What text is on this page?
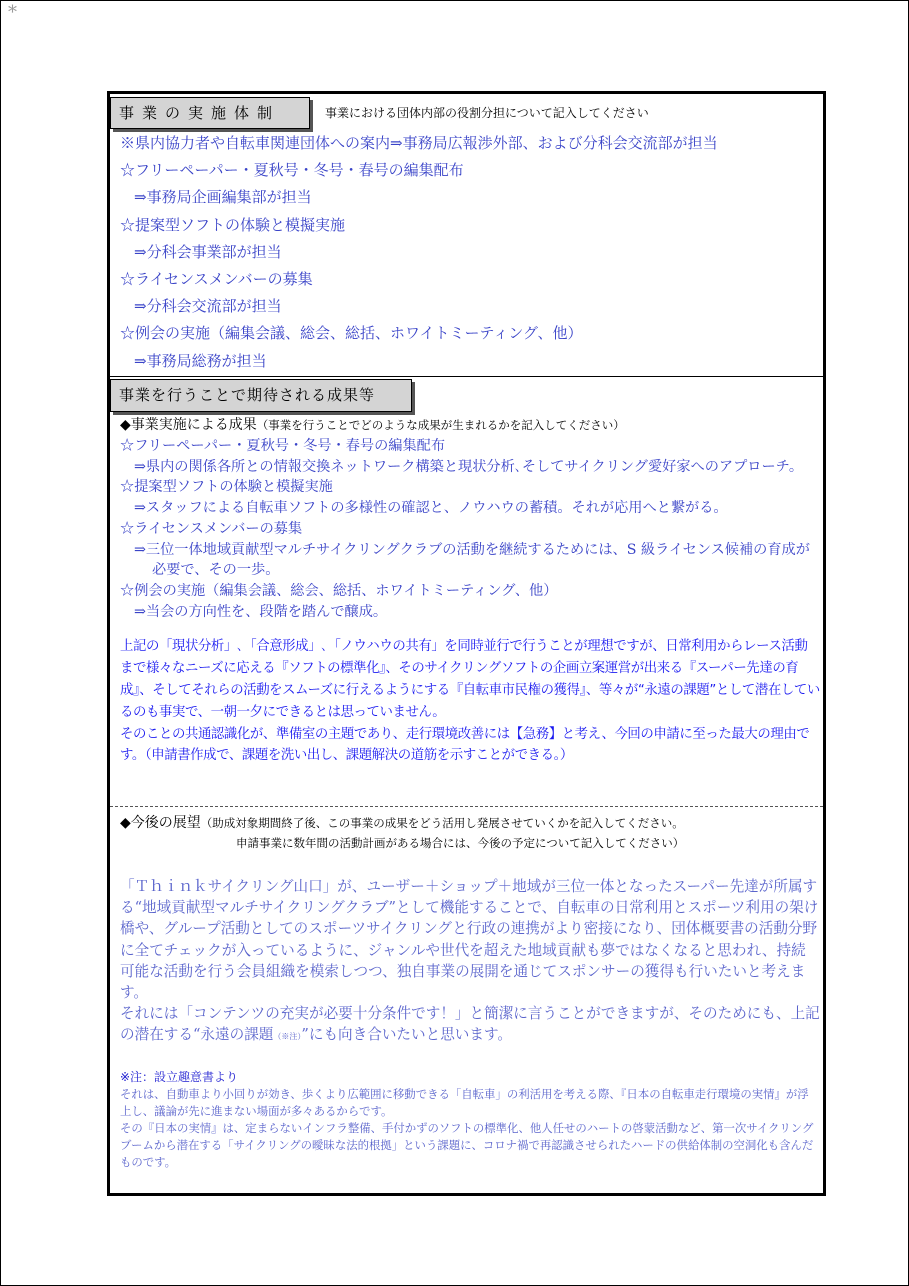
*
事業の実施体制	事業における団体内部の役割分担について記入してください
※県内協力者や自転車関連団体への案内⇒事務局広報渉外部、および分科会交流部が担当
☆フリーペーパー・夏秋号・冬号・春号の編集配布
⇒事務局企画編集部が担当
☆提案型ソフトの体験と模擬実施
⇒分科会事業部が担当
☆ライセンスメンバーの募集
⇒分科会交流部が担当
☆例会の実施（編集会議、総会、総括、ホワイトミーティング、他）
⇒事務局総務が担当
事業を行うことで期待される成果等
◆事業実施による成果（事業を行うことでどのような成果が生まれるかを記入してください）
☆フリーペーパー・夏秋号・冬号・春号の編集配布
⇒県内の関係各所との情報交換ネットワーク構築と現状分析､そしてサイクリング愛好家へのアプローチ。
☆提案型ソフトの体験と模擬実施
⇒スタッフによる自転車ソフトの多様性の確認と、ノウハウの蓄積。それが応用へと繋がる。
☆ライセンスメンバーの募集
⇒三位一体地域貢献型マルチサイクリングクラブの活動を継続するためには、S 級ライセンス候補の育成が必要で、その一歩。
☆例会の実施（編集会議、総会、総括、ホワイトミーティング、他）
⇒当会の方向性を、段階を踏んで醸成。
上記の「現状分析」､「合意形成」､「ノウハウの共有」を同時並行で行うことが理想ですが、日常利用からレース活動まで様々なニーズに応える『ソフトの標準化』、そのサイクリングソフトの企画立案運営が出来る『スーパー先達の育成』、そしてそれらの活動をスムーズに行えるようにする『自転車市民権の獲得』、等々が“永遠の課題”として潜在しているのも事実で、一朝一夕にできるとは思っていません。
そのことの共通認識化が、準備室の主題であり、走行環境改善には【急務】と考え、今回の申請に至った最大の理由です。（申請書作成で、課題を洗い出し、課題解決の道筋を示すことができる。）
◆今後の展望（助成対象期間終了後、この事業の成果をどう活用し発展させていくかを記入してください。
申請事業に数年間の活動計画がある場合には、今後の予定について記入してください）
「Ｔｈｉｎｋサイクリング山口」が、ユーザー＋ショップ＋地域が三位一体となったスーパー先達が所属する“地域貢献型マルチサイクリングクラブ”として機能することで、自転車の日常利用とスポーツ利用の架け橋や、グループ活動としてのスポーツサイクリングと行政の連携がより密接になり、団体概要書の活動分野に全てチェックが入っているように、ジャンルや世代を超えた地域貢献も夢ではなくなると思われ、持続可能な活動を行う会員組織を模索しつつ、独自事業の展開を通じてスポンサーの獲得も行いたいと考えます。
それには「コンテンツの充実が必要十分条件です！」と簡潔に言うことができますが、そのためにも、上記の潜在する“永遠の課題（※注）”にも向き合いたいと思います。
※注：設立趣意書より
それは、自動車より小回りが効き、歩くより広範囲に移動できる「自転車」の利活用を考える際、『日本の自転車走行環境の実情』が浮上し、議論が先に進まない場面が多々あるからです。
その『日本の実情』は、定まらないインフラ整備、手付かずのソフトの標準化、他人任せのハートの啓蒙活動など、第一次サイクリングブームから潜在する「サイクリングの曖昧な法的根拠」という課題に、コロナ禍で再認識させられたハードの供給体制の空洞化も含んだものです。
